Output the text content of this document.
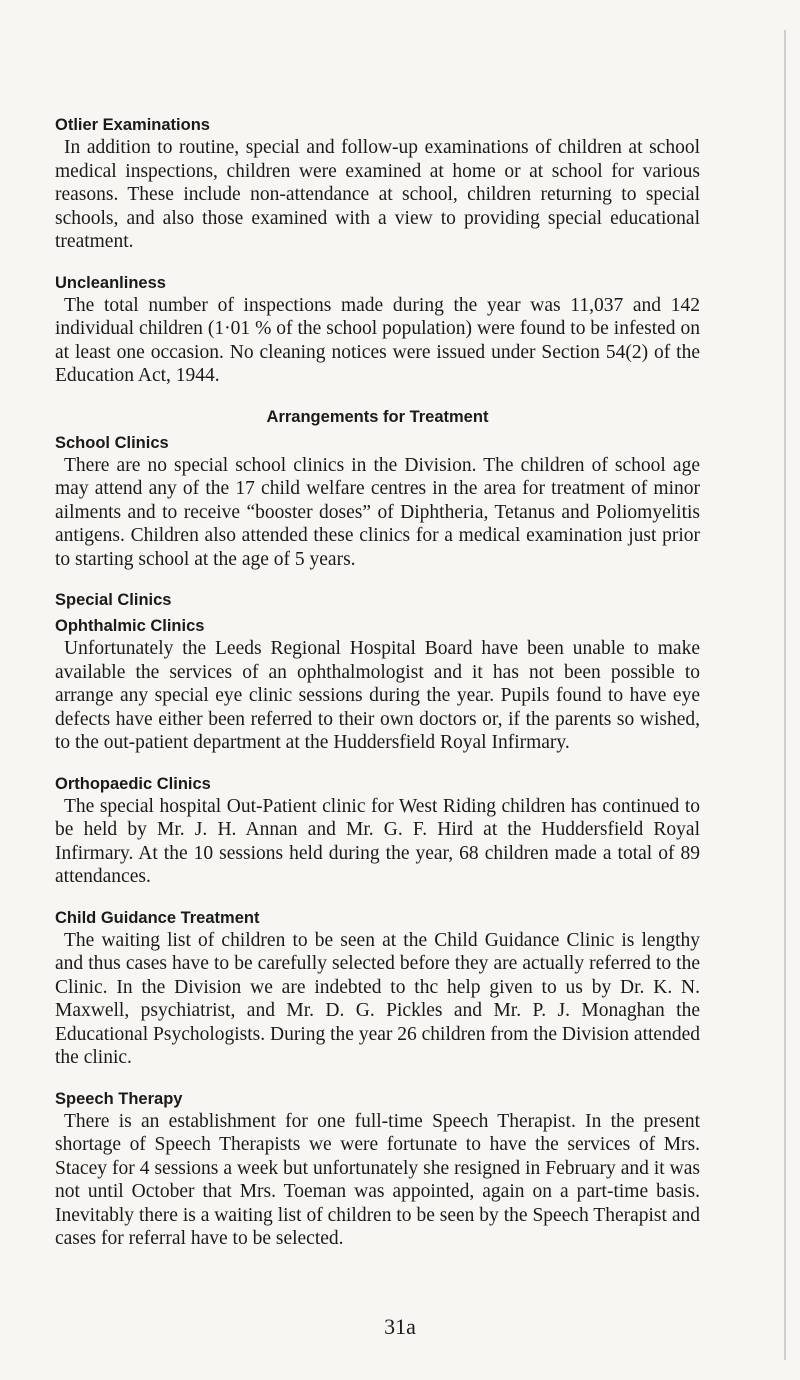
Otlier Examinations

In addition to routine, special and follow-up examinations of children at school medical inspections, children were examined at home or at school for various reasons. These include non-attendance at school, children returning to special schools, and also those examined with a view to providing special educational treatment.

Uncleanliness

The total number of inspections made during the year was 11,037 and 142 individual children (1·01 % of the school population) were found to be infested on at least one occasion. No cleaning notices were issued under Section 54(2) of the Education Act, 1944.

Arrangements for Treatment
School Clinics

There are no special school clinics in the Division. The children of school age may attend any of the 17 child welfare centres in the area for treatment of minor ailments and to receive “booster doses” of Diphtheria, Tetanus and Poliomyelitis antigens. Children also attended these clinics for a medical examination just prior to starting school at the age of 5 years.

Special Clinics
Ophthalmic Clinics

Unfortunately the Leeds Regional Hospital Board have been unable to make available the services of an ophthalmologist and it has not been possible to arrange any special eye clinic sessions during the year. Pupils found to have eye defects have either been referred to their own doctors or, if the parents so wished, to the out-patient department at the Huddersfield Royal Infirmary.

Orthopaedic Clinics

The special hospital Out-Patient clinic for West Riding children has continued to be held by Mr. J. H. Annan and Mr. G. F. Hird at the Huddersfield Royal Infirmary. At the 10 sessions held during the year, 68 children made a total of 89 attendances.

Child Guidance Treatment

The waiting list of children to be seen at the Child Guidance Clinic is lengthy and thus cases have to be carefully selected before they are actually referred to the Clinic. In the Division we are indebted to thc help given to us by Dr. K. N. Maxwell, psychiatrist, and Mr. D. G. Pickles and Mr. P. J. Monaghan the Educational Psychologists. During the year 26 children from the Division attended the clinic.

Speech Therapy

There is an establishment for one full-time Speech Therapist. In the present shortage of Speech Therapists we were fortunate to have the services of Mrs. Stacey for 4 sessions a week but unfortunately she resigned in February and it was not until October that Mrs. Toeman was appointed, again on a part-time basis. Inevitably there is a waiting list of children to be seen by the Speech Therapist and cases for referral have to be selected.

31a
